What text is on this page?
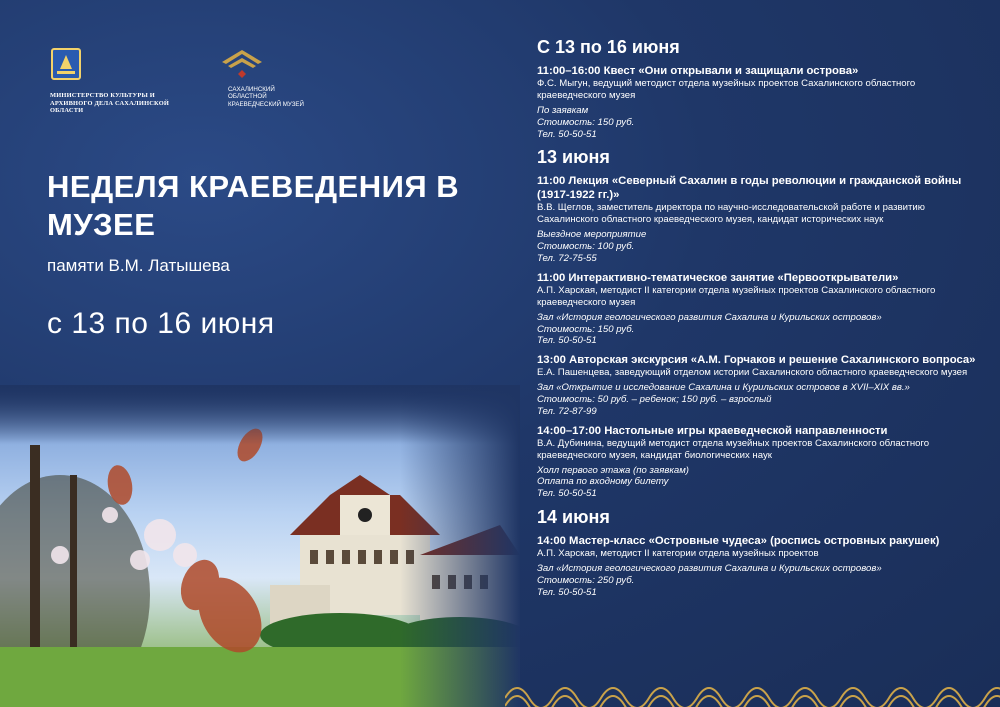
МИНИСТЕРСТВО КУЛЬТУРЫ И АРХИВНОГО ДЕЛА САХАЛИНСКОЙ ОБЛАСТИ
САХАЛИНСКИЙ ОБЛАСТНОЙ КРАЕВЕДЧЕСКИЙ МУЗЕЙ
НЕДЕЛЯ КРАЕВЕДЕНИЯ В МУЗЕЕ
памяти В.М. Латышева
с 13 по 16 июня
С 13 по 16 июня
11:00–16:00 Квест «Они открывали и защищали острова»
Ф.С. Мыгун, ведущий методист отдела музейных проектов Сахалинского областного краеведческого музея
По заявкам
Стоимость: 150 руб.
Тел. 50-50-51
13 июня
11:00 Лекция «Северный Сахалин в годы революции и гражданской войны (1917-1922 гг.)»
В.В. Щеглов, заместитель директора по научно-исследовательской работе и развитию Сахалинского областного краеведческого музея, кандидат исторических наук
Выездное мероприятие
Стоимость: 100 руб.
Тел. 72-75-55
11:00 Интерактивно-тематическое занятие «Первооткрыватели»
А.П. Харская, методист II категории отдела музейных проектов Сахалинского областного краеведческого музея
Зал «История геологического развития Сахалина и Курильских островов»
Стоимость: 150 руб.
Тел. 50-50-51
13:00 Авторская экскурсия «А.М. Горчаков и решение Сахалинского вопроса»
Е.А. Пашенцева, заведующий отделом истории Сахалинского областного краеведческого музея
Зал «Открытие и исследование Сахалина и Курильских островов в XVII–XIX вв.»
Стоимость: 50 руб. – ребенок; 150 руб. – взрослый
Тел. 72-87-99
14:00–17:00 Настольные игры краеведческой направленности
В.А. Дубинина, ведущий методист отдела музейных проектов Сахалинского областного краеведческого музея, кандидат биологических наук
Холл первого этажа (по заявкам)
Оплата по входному билету
Тел. 50-50-51
14 июня
14:00 Мастер-класс «Островные чудеса» (роспись островных ракушек)
А.П. Харская, методист II категории отдела музейных проектов
Зал «История геологического развития Сахалина и Курильских островов»
Стоимость: 250 руб.
Тел. 50-50-51
